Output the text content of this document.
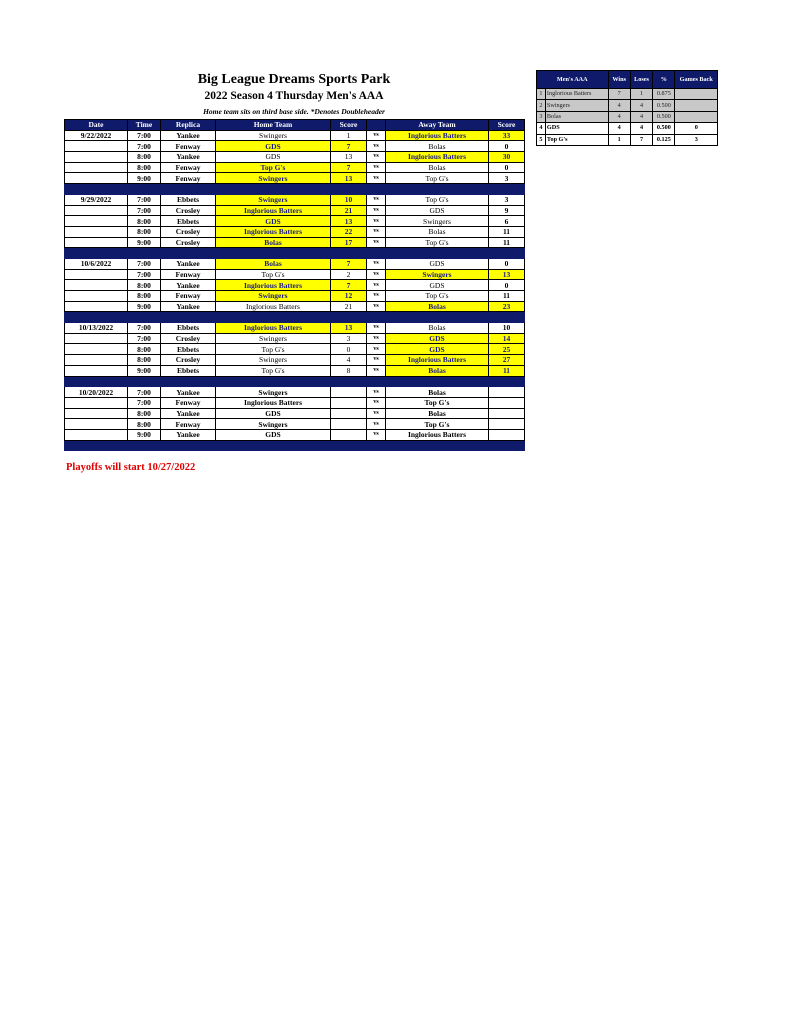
Big League Dreams Sports Park
2022 Season 4 Thursday Men's AAA
Home team sits on third base side. *Denotes Doubleheader
Date	Time	Replica	Home Team	Score		Away Team	Score
9/22/2022	7:00	Yankee	Swingers	1	vs	Inglorious Batters	33
	7:00	Fenway	GDS	7	vs	Bolas	0
	8:00	Yankee	GDS	13	vs	Inglorious Batters	30
	8:00	Fenway	Top G's	7	vs	Bolas	0
	9:00	Fenway	Swingers	13	vs	Top G's	3

9/29/2022	7:00	Ebbets	Swingers	10	vs	Top G's	3
	7:00	Crosley	Inglorious Batters	21	vs	GDS	9
	8:00	Ebbets	GDS	13	vs	Swingers	6
	8:00	Crosley	Inglorious Batters	22	vs	Bolas	11
	9:00	Crosley	Bolas	17	vs	Top G's	11

10/6/2022	7:00	Yankee	Bolas	7	vs	GDS	0
	7:00	Fenway	Top G's	2	vs	Swingers	13
	8:00	Yankee	Inglorious Batters	7	vs	GDS	0
	8:00	Fenway	Swingers	12	vs	Top G's	11
	9:00	Yankee	Inglorious Batters	21	vs	Bolas	23

10/13/2022	7:00	Ebbets	Inglorious Batters	13	vs	Bolas	10
	7:00	Crosley	Swingers	3	vs	GDS	14
	8:00	Ebbets	Top G's	0	vs	GDS	25
	8:00	Crosley	Swingers	4	vs	Inglorious Batters	27
	9:00	Ebbets	Top G's	8	vs	Bolas	11

10/20/2022	7:00	Yankee	Swingers		vs	Bolas	
	7:00	Fenway	Inglorious Batters		vs	Top G's	
	8:00	Yankee	GDS		vs	Bolas	
	8:00	Fenway	Swingers		vs	Top G's	
	9:00	Yankee	GDS		vs	Inglorious Batters	

Playoffs will start 10/27/2022
Men's AAA		Wins	Loses	%	Games Back
1	Inglorious Batters	7	1	0.875	
2	Swingers	4	4	0.500	
3	Bolas	4	4	0.500	
4	GDS	4	4	0.500	0
5	Top G's	1	7	0.125	3
